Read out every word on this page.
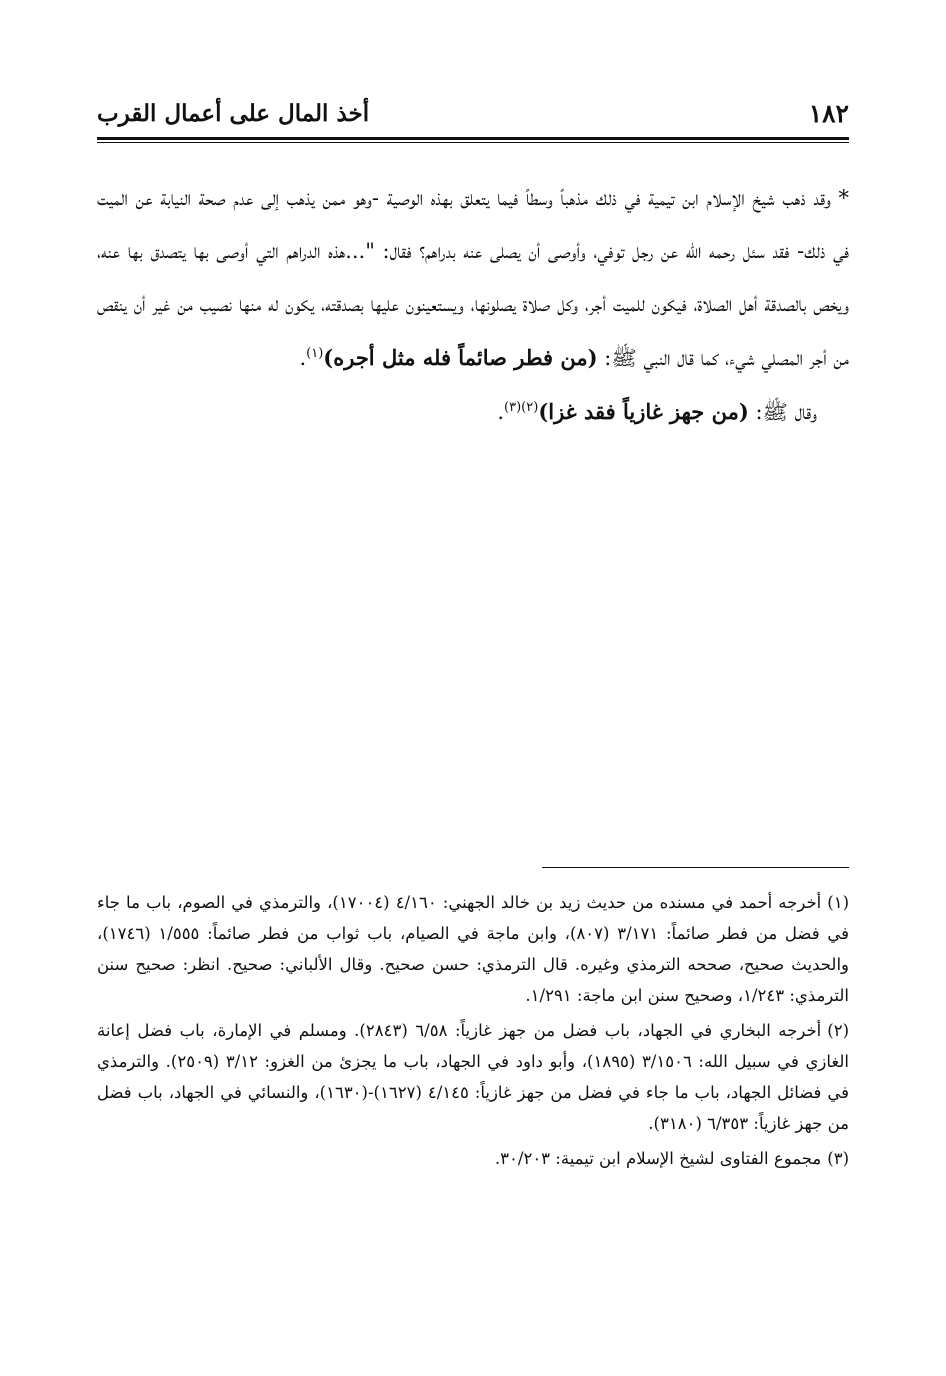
١٨٢
أخذ المال على أعمال القرب

* وقد ذهب شيخ الإسلام ابن تيمية في ذلك مذهباً وسطاً فيما يتعلق بهذه الوصية -وهو ممن يذهب إلى عدم صحة النيابة عن الميت في ذلك- فقد سئل رحمه الله عن رجل توفي، وأوصى أن يصلى عنه بدراهم؟ فقال: "...هذه الدراهم التي أوصى بها يتصدق بها عنه، ويخص بالصدقة أهل الصلاة، فيكون للميت أجر، وكل صلاة يصلونها، ويستعينون عليها بصدقته، يكون له منها نصيب من غير أن ينقص من أجر المصلي شيء، كما قال النبي ﷺ: (من فطر صائماً فله مثل أجره)$^{(١)}$.

وقال ﷺ: (من جهز غازياً فقد غزا)$^{(٢)(٣)}$.

(١)أخرجه أحمد في مسنده من حديث زيد بن خالد الجهني: ٤/١٦٠ (١٧٠٠٤)، والترمذي في الصوم، باب ما جاء في فضل من فطر صائماً: ٣/١٧١ (٨٠٧)، وابن ماجة في الصيام، باب ثواب من فطر صائماً: ١/٥٥٥ (١٧٤٦)، والحديث صحيح، صححه الترمذي وغيره. قال الترمذي: حسن صحيح. وقال الألباني: صحيح. انظر: صحيح سنن الترمذي: ١/٢٤٣، وصحيح سنن ابن ماجة: ١/٢٩١.

(٢)أخرجه البخاري في الجهاد، باب فضل من جهز غازياً: ٦/٥٨ (٢٨٤٣). ومسلم في الإمارة، باب فضل إعانة الغازي في سبيل الله: ٣/١٥٠٦ (١٨٩٥)، وأبو داود في الجهاد، باب ما يجزئ من الغزو: ٣/١٢ (٢٥٠٩). والترمذي في فضائل الجهاد، باب ما جاء في فضل من جهز غازياً: ٤/١٤٥ (١٦٢٧)-(١٦٣٠)، والنسائي في الجهاد، باب فضل من جهز غازياً: ٦/٣٥٣ (٣١٨٠).

(٣)مجموع الفتاوى لشيخ الإسلام ابن تيمية: ٣٠/٢٠٣.
